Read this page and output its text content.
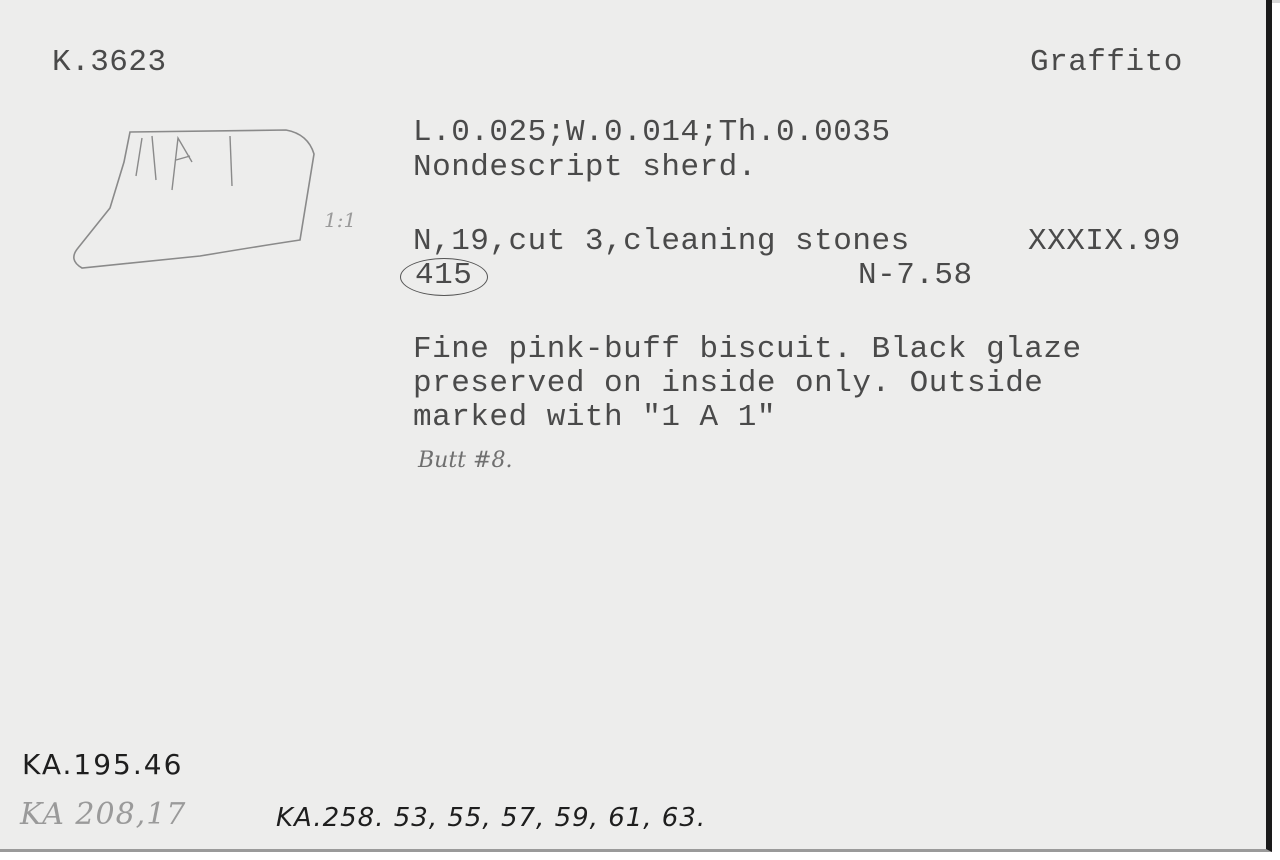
K.3623	Graffito
1:1
L.0.025;W.0.014;Th.0.0035
Nondescript sherd.
N,19,cut 3,cleaning stones	XXXIX.99
415	N-7.58
Fine pink-buff biscuit. Black glaze
preserved on inside only. Outside
marked with "1 A 1"
Butt #8.
KA.195.46
KA 208,17	KA.258. 53, 55, 57, 59, 61, 63.
